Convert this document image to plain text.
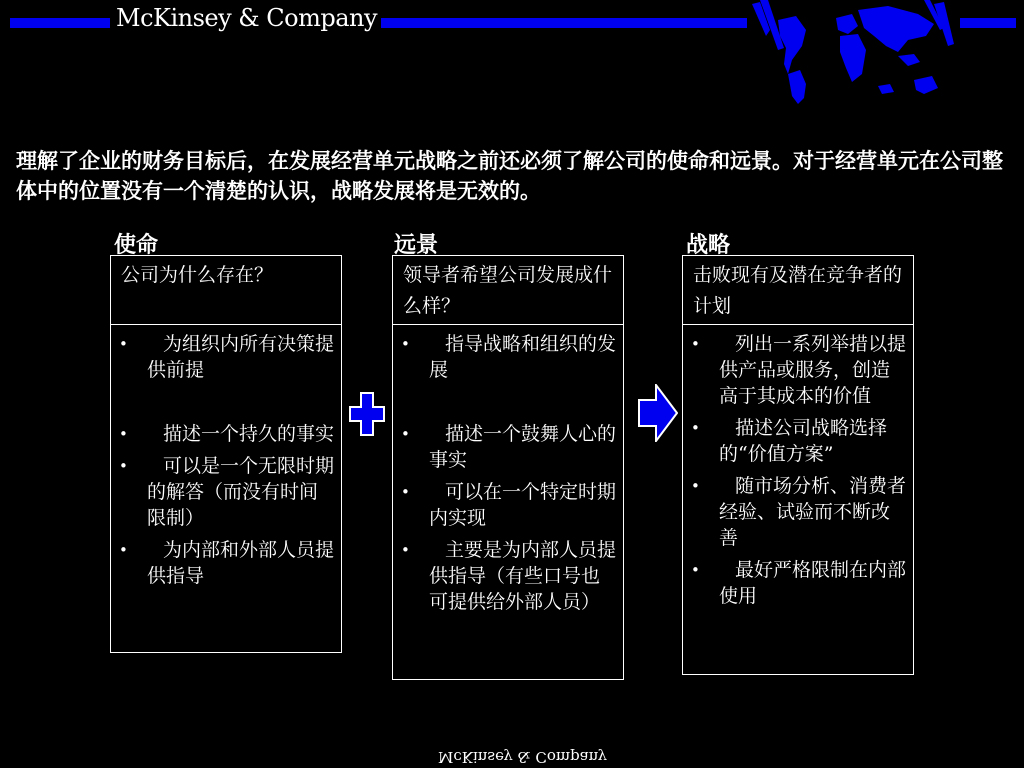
McKinsey & Company
理解了企业的财务目标后，在发展经营单元战略之前还必须了解公司的使命和远景。对于经营单元在公司整体中的位置没有一个清楚的认识，战略发展将是无效的。
使命	远景	战略
公司为什么存在？
• 为组织内所有决策提供前提
• 描述一个持久的事实
• 可以是一个无限时期的解答（而没有时间限制）
• 为内部和外部人员提供指导
领导者希望公司发展成什么样？
• 指导战略和组织的发展
• 描述一个鼓舞人心的事实
• 可以在一个特定时期内实现
• 主要是为内部人员提供指导（有些口号也可提供给外部人员）
击败现有及潜在竞争者的计划
• 列出一系列举措以提供产品或服务，创造高于其成本的价值
• 描述公司战略选择的“价值方案”
• 随市场分析、消费者经验、试验而不断改善
• 最好严格限制在内部使用
McKinsey & Company
